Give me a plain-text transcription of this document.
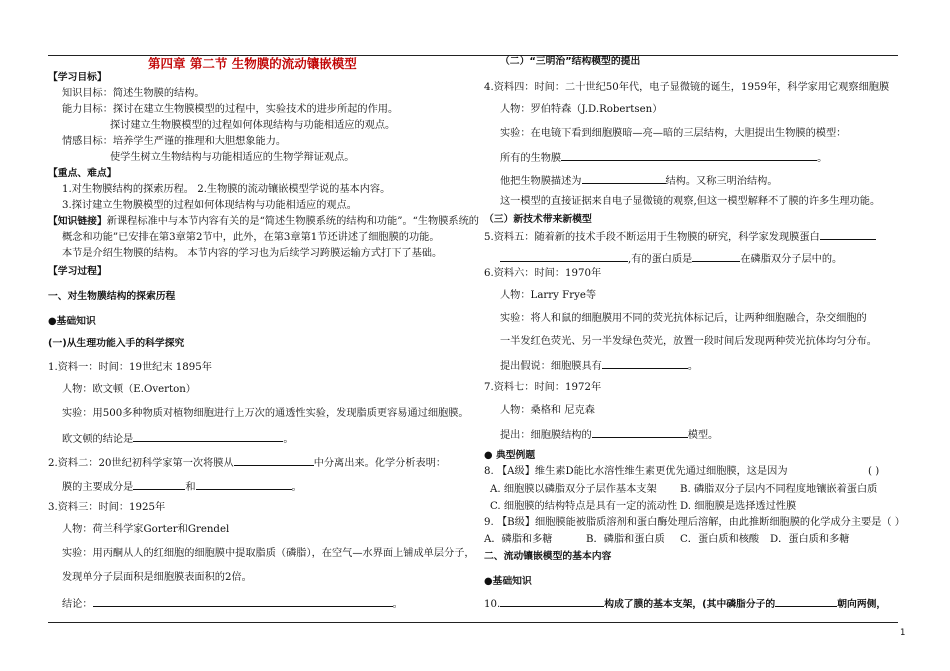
第四章 第二节 生物膜的流动镶嵌模型
【学习目标】
知识目标：简述生物膜的结构。
能力目标：探讨在建立生物膜模型的过程中，实验技术的进步所起的作用。
探讨建立生物膜模型的过程如何体现结构与功能相适应的观点。
情感目标：培养学生严谨的推理和大胆想象能力。
使学生树立生物结构与功能相适应的生物学辩证观点。
【重点、难点】
1.对生物膜结构的探索历程。 2.生物膜的流动镶嵌模型学说的基本内容。
3.探讨建立生物膜模型的过程如何体现结构与功能相适应的观点。
【知识链接】新课程标准中与本节内容有关的是“简述生物膜系统的结构和功能”。“生物膜系统的
概念和功能”已安排在第3章第2节中，此外，在第3章第1节还讲述了细胞膜的功能。
本节是介绍生物膜的结构。 本节内容的学习也为后续学习跨膜运输方式打下了基础。
【学习过程】
一、对生物膜结构的探索历程
●基础知识
(一)从生理功能入手的科学探究
1.资料一：时间：19世纪末 1895年
人物：欧文顿（E.Overton）
实验：用500多种物质对植物细胞进行上万次的通透性实验，发现脂质更容易通过细胞膜。
欧文顿的结论是	。
2.资料二：20世纪初科学家第一次将膜从	中分离出来。化学分析表明：
膜的主要成分是	和	。
3.资料三：时间：1925年
人物：荷兰科学家Gorter和Grendel
实验：用丙酮从人的红细胞的细胞膜中提取脂质（磷脂），在空气—水界面上铺成单层分子，
发现单分子层面积是细胞膜表面积的2倍。
结论：	。
（二）“三明治”结构模型的提出
4.资料四：时间：二十世纪50年代，电子显微镜的诞生，1959年，科学家用它观察细胞膜
人物：罗伯特森（J.D.Robertsen）
实验：在电镜下看到细胞膜暗—亮—暗的三层结构，大胆提出生物膜的模型：
所有的生物膜	。
他把生物膜描述为	结构。又称三明治结构。
这一模型的直接证据来自电子显微镜的观察,但这一模型解释不了膜的许多生理功能。
（三）新技术带来新模型
5.资料五：随着新的技术手段不断运用于生物膜的研究，科学家发现膜蛋白
,有的蛋白质是	在磷脂双分子层中的。
6.资料六：时间：1970年
人物：Larry Frye等
实验：将人和鼠的细胞膜用不同的荧光抗体标记后，让两种细胞融合，杂交细胞的
一半发红色荧光、另一半发绿色荧光，放置一段时间后发现两种荧光抗体均匀分布。
提出假说：细胞膜具有	。
7.资料七：时间：1972年
人物：桑格和 尼克森
提出：细胞膜结构的	模型。
● 典型例题
8. 【A级】维生素D能比水溶性维生素更优先通过细胞膜，这是因为	( )
A. 细胞膜以磷脂双分子层作基本支架 B. 磷脂双分子层内不同程度地镶嵌着蛋白质
C. 细胞膜的结构特点是具有一定的流动性 D. 细胞膜是选择透过性膜
9. 【B级】细胞膜能被脂质溶剂和蛋白酶处理后溶解，由此推断细胞膜的化学成分主要是（ ）
A．磷脂和多糖	B．磷脂和蛋白质 C．蛋白质和核酸 D．蛋白质和多糖
二、流动镶嵌模型的基本内容
●基础知识
10.	构成了膜的基本支架，(其中磷脂分子的	朝向两侧，
1
